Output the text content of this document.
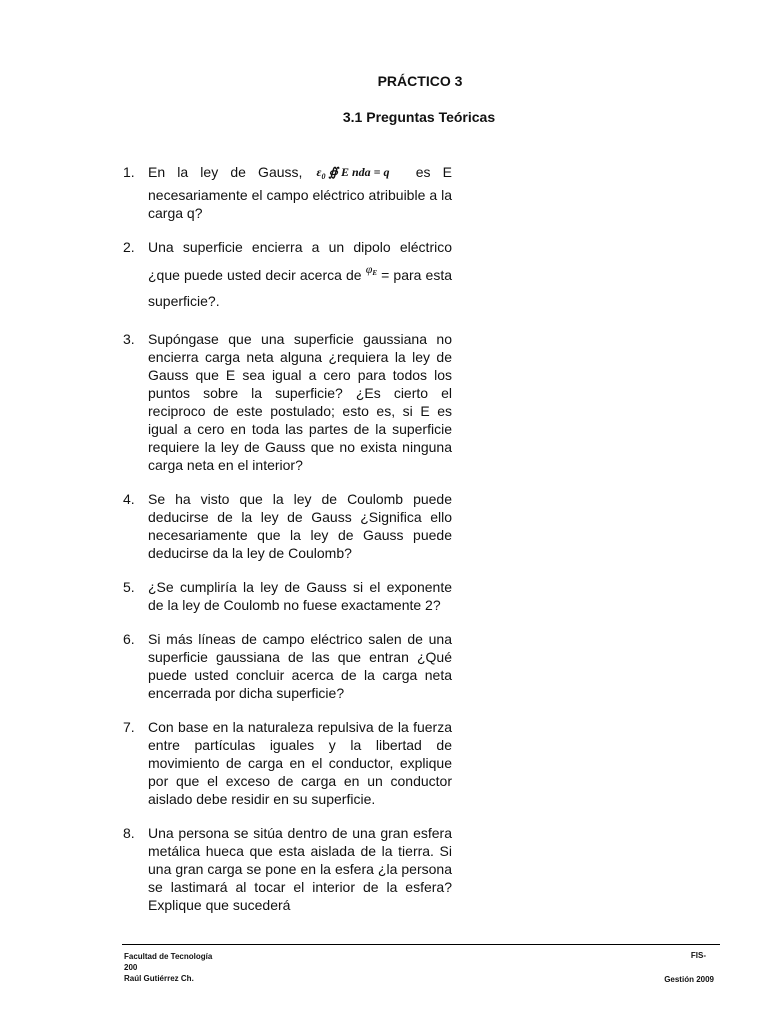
PRÁCTICO 3
3.1 Preguntas Teóricas
1. En la ley de Gauss, $\varepsilon_0$ ∯ E nda = q es E necesariamente el campo eléctrico atribuible a la carga q?
2. Una superficie encierra a un dipolo eléctrico ¿que puede usted decir acerca de $\varphi_E$ = para esta superficie?.
3. Supóngase que una superficie gaussiana no encierra carga neta alguna ¿requiera la ley de Gauss que E sea igual a cero para todos los puntos sobre la superficie? ¿Es cierto el reciproco de este postulado; esto es, si E es igual a cero en toda las partes de la superficie requiere la ley de Gauss que no exista ninguna carga neta en el interior?
4. Se ha visto que la ley de Coulomb puede deducirse de la ley de Gauss ¿Significa ello necesariamente que la ley de Gauss puede deducirse da la ley de Coulomb?
5. ¿Se cumpliría la ley de Gauss si el exponente de la ley de Coulomb no fuese exactamente 2?
6. Si más líneas de campo eléctrico salen de una superficie gaussiana de las que entran ¿Qué puede usted concluir acerca de la carga neta encerrada por dicha superficie?
7. Con base en la naturaleza repulsiva de la fuerza entre partículas iguales y la libertad de movimiento de carga en el conductor, explique por que el exceso de carga en un conductor aislado debe residir en su superficie.
8. Una persona se sitúa dentro de una gran esfera metálica hueca que esta aislada de la tierra. Si una gran carga se pone en la esfera ¿la persona se lastimará al tocar el interior de la esfera? Explique que sucederá
Facultad de Tecnología
200
Raúl Gutiérrez Ch.
FIS-
Gestión 2009
